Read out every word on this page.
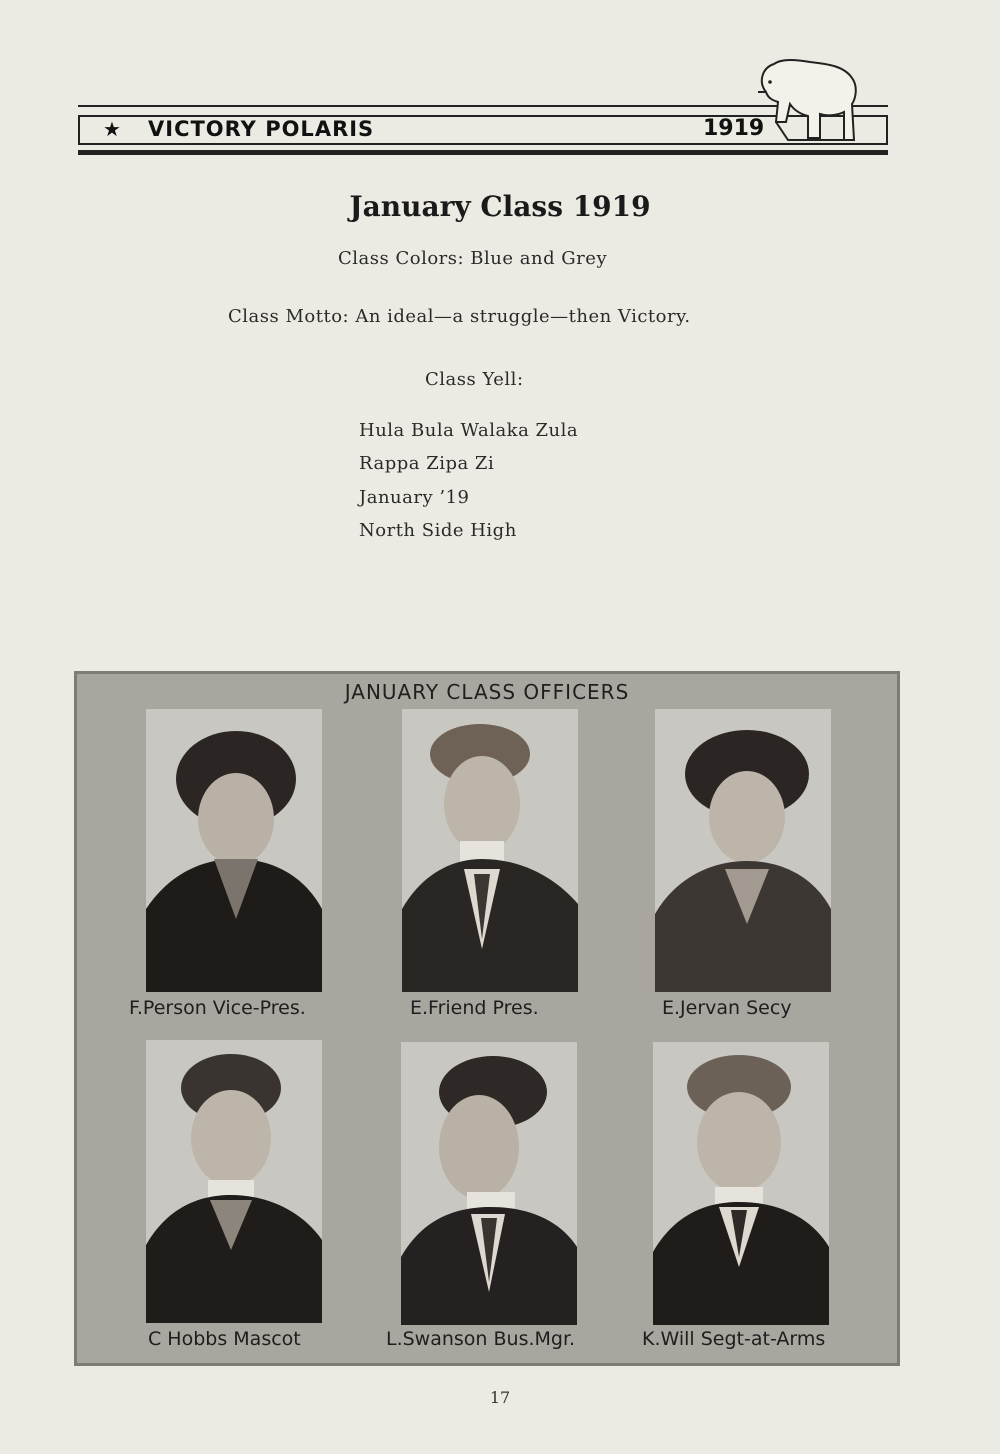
★ VICTORY POLARIS	1919
January Class 1919
Class Colors: Blue and Grey
Class Motto: An ideal—a struggle—then Victory.
Class Yell:
Hula Bula Walaka Zula
Rappa Zipa Zi
January ’19
North Side High
JANUARY CLASS OFFICERS
F.Person Vice-Pres.	E.Friend Pres.	E.Jervan Secy
C Hobbs Mascot	L.Swanson Bus.Mgr.	K.Will Segt-at-Arms
17
